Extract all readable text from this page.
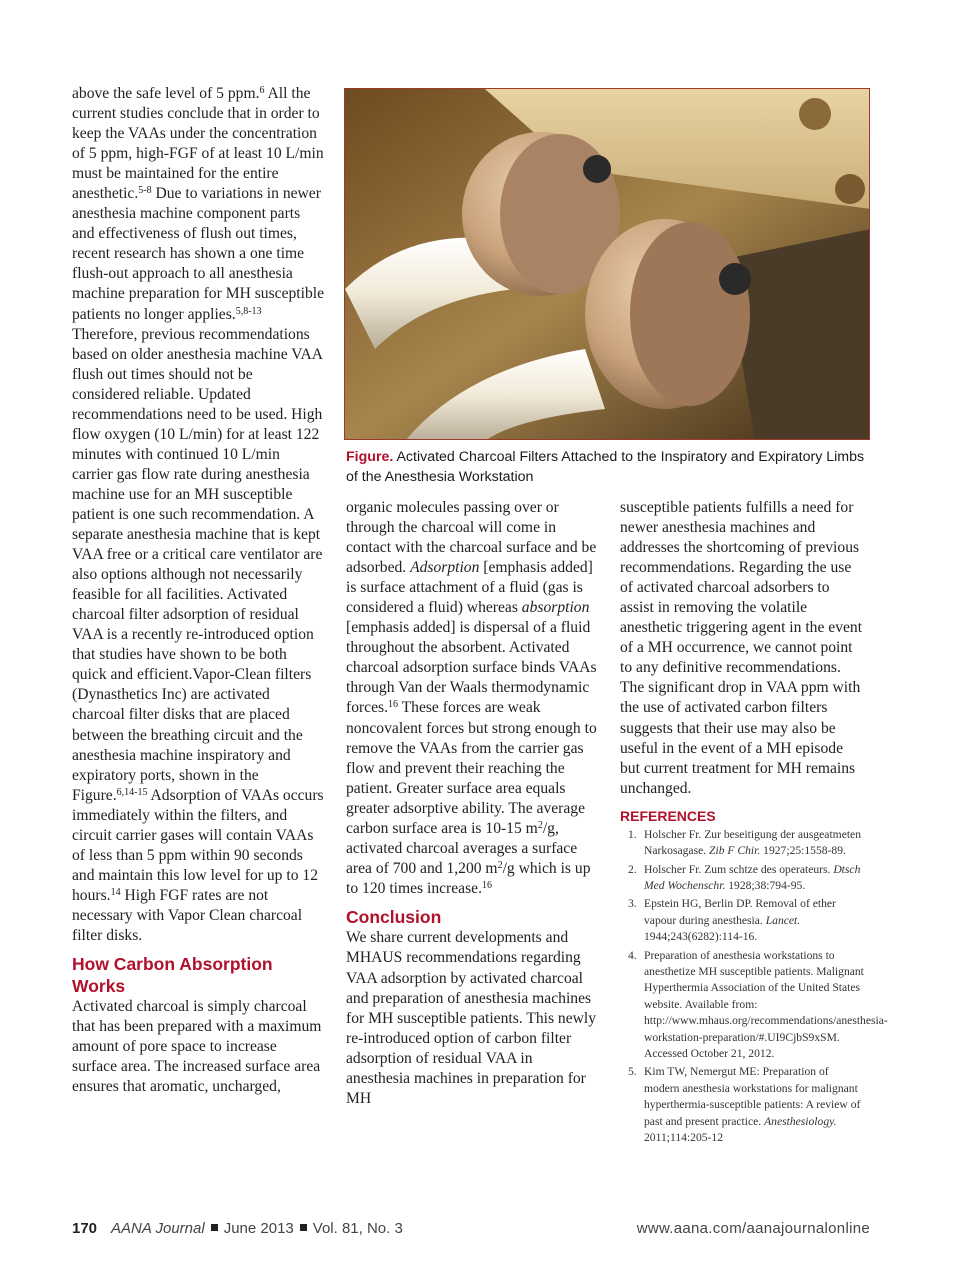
above the safe level of 5 ppm.$^6$ All the current studies conclude that in order to keep the VAAs under the concentration of 5 ppm, high-FGF of at least 10 L/min must be maintained for the entire anesthetic.$^{5-8}$ Due to variations in newer anesthesia machine component parts and effectiveness of flush out times, recent research has shown a one time flush-out approach to all anesthesia machine preparation for MH susceptible patients no longer applies.$^{5,8-13}$ Therefore, previous recommendations based on older anesthesia machine VAA flush out times should not be considered reliable. Updated recommendations need to be used. High flow oxygen (10 L/min) for at least 122 minutes with continued 10 L/min carrier gas flow rate during anesthesia machine use for an MH susceptible patient is one such recommendation. A separate anesthesia machine that is kept VAA free or a critical care ventilator are also options although not necessarily feasible for all facilities. Activated charcoal filter adsorption of residual VAA is a recently re-introduced option that studies have shown to be both quick and efficient.Vapor-Clean filters (Dynasthetics Inc) are activated charcoal filter disks that are placed between the breathing circuit and the anesthesia machine inspiratory and expiratory ports, shown in the Figure.$^{6,14-15}$ Adsorption of VAAs occurs immediately within the filters, and circuit carrier gases will contain VAAs of less than 5 ppm within 90 seconds and maintain this low level for up to 12 hours.$^{14}$ High FGF rates are not necessary with Vapor Clean charcoal filter disks.

How Carbon Absorption Works

Activated charcoal is simply charcoal that has been prepared with a maximum amount of pore space to increase surface area. The increased surface area ensures that aromatic, uncharged,

Figure. Activated Charcoal Filters Attached to the Inspiratory and Expiratory Limbs of the Anesthesia Workstation

organic molecules passing over or through the charcoal will come in contact with the charcoal surface and be adsorbed. Adsorption [emphasis added] is surface attachment of a fluid (gas is considered a fluid) whereas absorption [emphasis added] is dispersal of a fluid throughout the absorbent. Activated charcoal adsorption surface binds VAAs through Van der Waals thermodynamic forces.$^{16}$ These forces are weak noncovalent forces but strong enough to remove the VAAs from the carrier gas flow and prevent their reaching the patient. Greater surface area equals greater adsorptive ability. The average carbon surface area is 10-15 $m^2/g$, activated charcoal averages a surface area of 700 and 1,200 $m^2/g$ which is up to 120 times increase.$^{16}$

Conclusion

We share current developments and MHAUS recommendations regarding VAA adsorption by activated charcoal and preparation of anesthesia machines for MH susceptible patients. This newly re-introduced option of carbon filter adsorption of residual VAA in anesthesia machines in preparation for MH

susceptible patients fulfills a need for newer anesthesia machines and addresses the shortcoming of previous recommendations. Regarding the use of activated charcoal adsorbers to assist in removing the volatile anesthetic triggering agent in the event of a MH occurrence, we cannot point to any definitive recommendations. The significant drop in VAA ppm with the use of activated carbon filters suggests that their use may also be useful in the event of a MH episode but current treatment for MH remains unchanged.

REFERENCES
1. Holscher Fr. Zur beseitigung der ausgeatmeten Narkosagase. Zib F Chir. 1927;25:1558-89.
2. Holscher Fr. Zum schtze des operateurs. Dtsch Med Wochenschr. 1928;38:794-95.
3. Epstein HG, Berlin DP. Removal of ether vapour during anesthesia. Lancet. 1944;243(6282):114-16.
4. Preparation of anesthesia workstations to anesthetize MH susceptible patients. Malignant Hyperthermia Association of the United States website. Available from: http://www.mhaus.org/recommendations/anesthesia-workstation-preparation/#.UI9CjbS9xSM. Accessed October 21, 2012.
5. Kim TW, Nemergut ME: Preparation of modern anesthesia workstations for malignant hyperthermia-susceptible patients: A review of past and present practice. Anesthesiology. 2011;114:205-12
170 AANA Journal June 2013 Vol. 81, No. 3	www.aana.com/aanajournalonline
